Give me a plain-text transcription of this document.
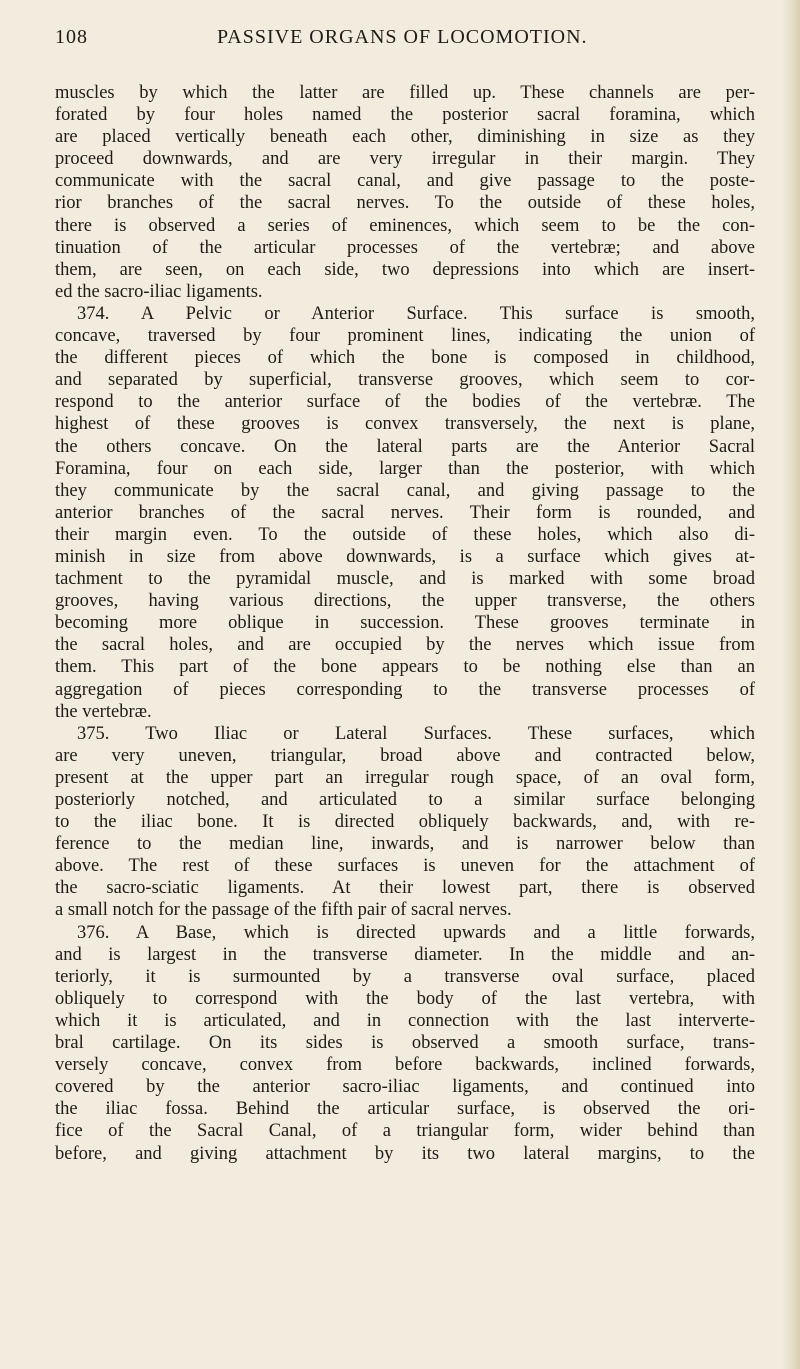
108	PASSIVE ORGANS OF LOCOMOTION.
muscles by which the latter are filled up. These channels are per-
forated by four holes named the posterior sacral foramina, which
are placed vertically beneath each other, diminishing in size as they
proceed downwards, and are very irregular in their margin. They
communicate with the sacral canal, and give passage to the poste-
rior branches of the sacral nerves. To the outside of these holes,
there is observed a series of eminences, which seem to be the con-
tinuation of the articular processes of the vertebræ; and above
them, are seen, on each side, two depressions into which are insert-
ed the sacro-iliac ligaments.
374. A Pelvic or Anterior Surface. This surface is smooth,
concave, traversed by four prominent lines, indicating the union of
the different pieces of which the bone is composed in childhood,
and separated by superficial, transverse grooves, which seem to cor-
respond to the anterior surface of the bodies of the vertebræ. The
highest of these grooves is convex transversely, the next is plane,
the others concave. On the lateral parts are the Anterior Sacral
Foramina, four on each side, larger than the posterior, with which
they communicate by the sacral canal, and giving passage to the
anterior branches of the sacral nerves. Their form is rounded, and
their margin even. To the outside of these holes, which also di-
minish in size from above downwards, is a surface which gives at-
tachment to the pyramidal muscle, and is marked with some broad
grooves, having various directions, the upper transverse, the others
becoming more oblique in succession. These grooves terminate in
the sacral holes, and are occupied by the nerves which issue from
them. This part of the bone appears to be nothing else than an
aggregation of pieces corresponding to the transverse processes of
the vertebræ.
375. Two Iliac or Lateral Surfaces. These surfaces, which
are very uneven, triangular, broad above and contracted below,
present at the upper part an irregular rough space, of an oval form,
posteriorly notched, and articulated to a similar surface belonging
to the iliac bone. It is directed obliquely backwards, and, with re-
ference to the median line, inwards, and is narrower below than
above. The rest of these surfaces is uneven for the attachment of
the sacro-sciatic ligaments. At their lowest part, there is observed
a small notch for the passage of the fifth pair of sacral nerves.
376. A Base, which is directed upwards and a little forwards,
and is largest in the transverse diameter. In the middle and an-
teriorly, it is surmounted by a transverse oval surface, placed
obliquely to correspond with the body of the last vertebra, with
which it is articulated, and in connection with the last interverte-
bral cartilage. On its sides is observed a smooth surface, trans-
versely concave, convex from before backwards, inclined forwards,
covered by the anterior sacro-iliac ligaments, and continued into
the iliac fossa. Behind the articular surface, is observed the ori-
fice of the Sacral Canal, of a triangular form, wider behind than
before, and giving attachment by its two lateral margins, to the
